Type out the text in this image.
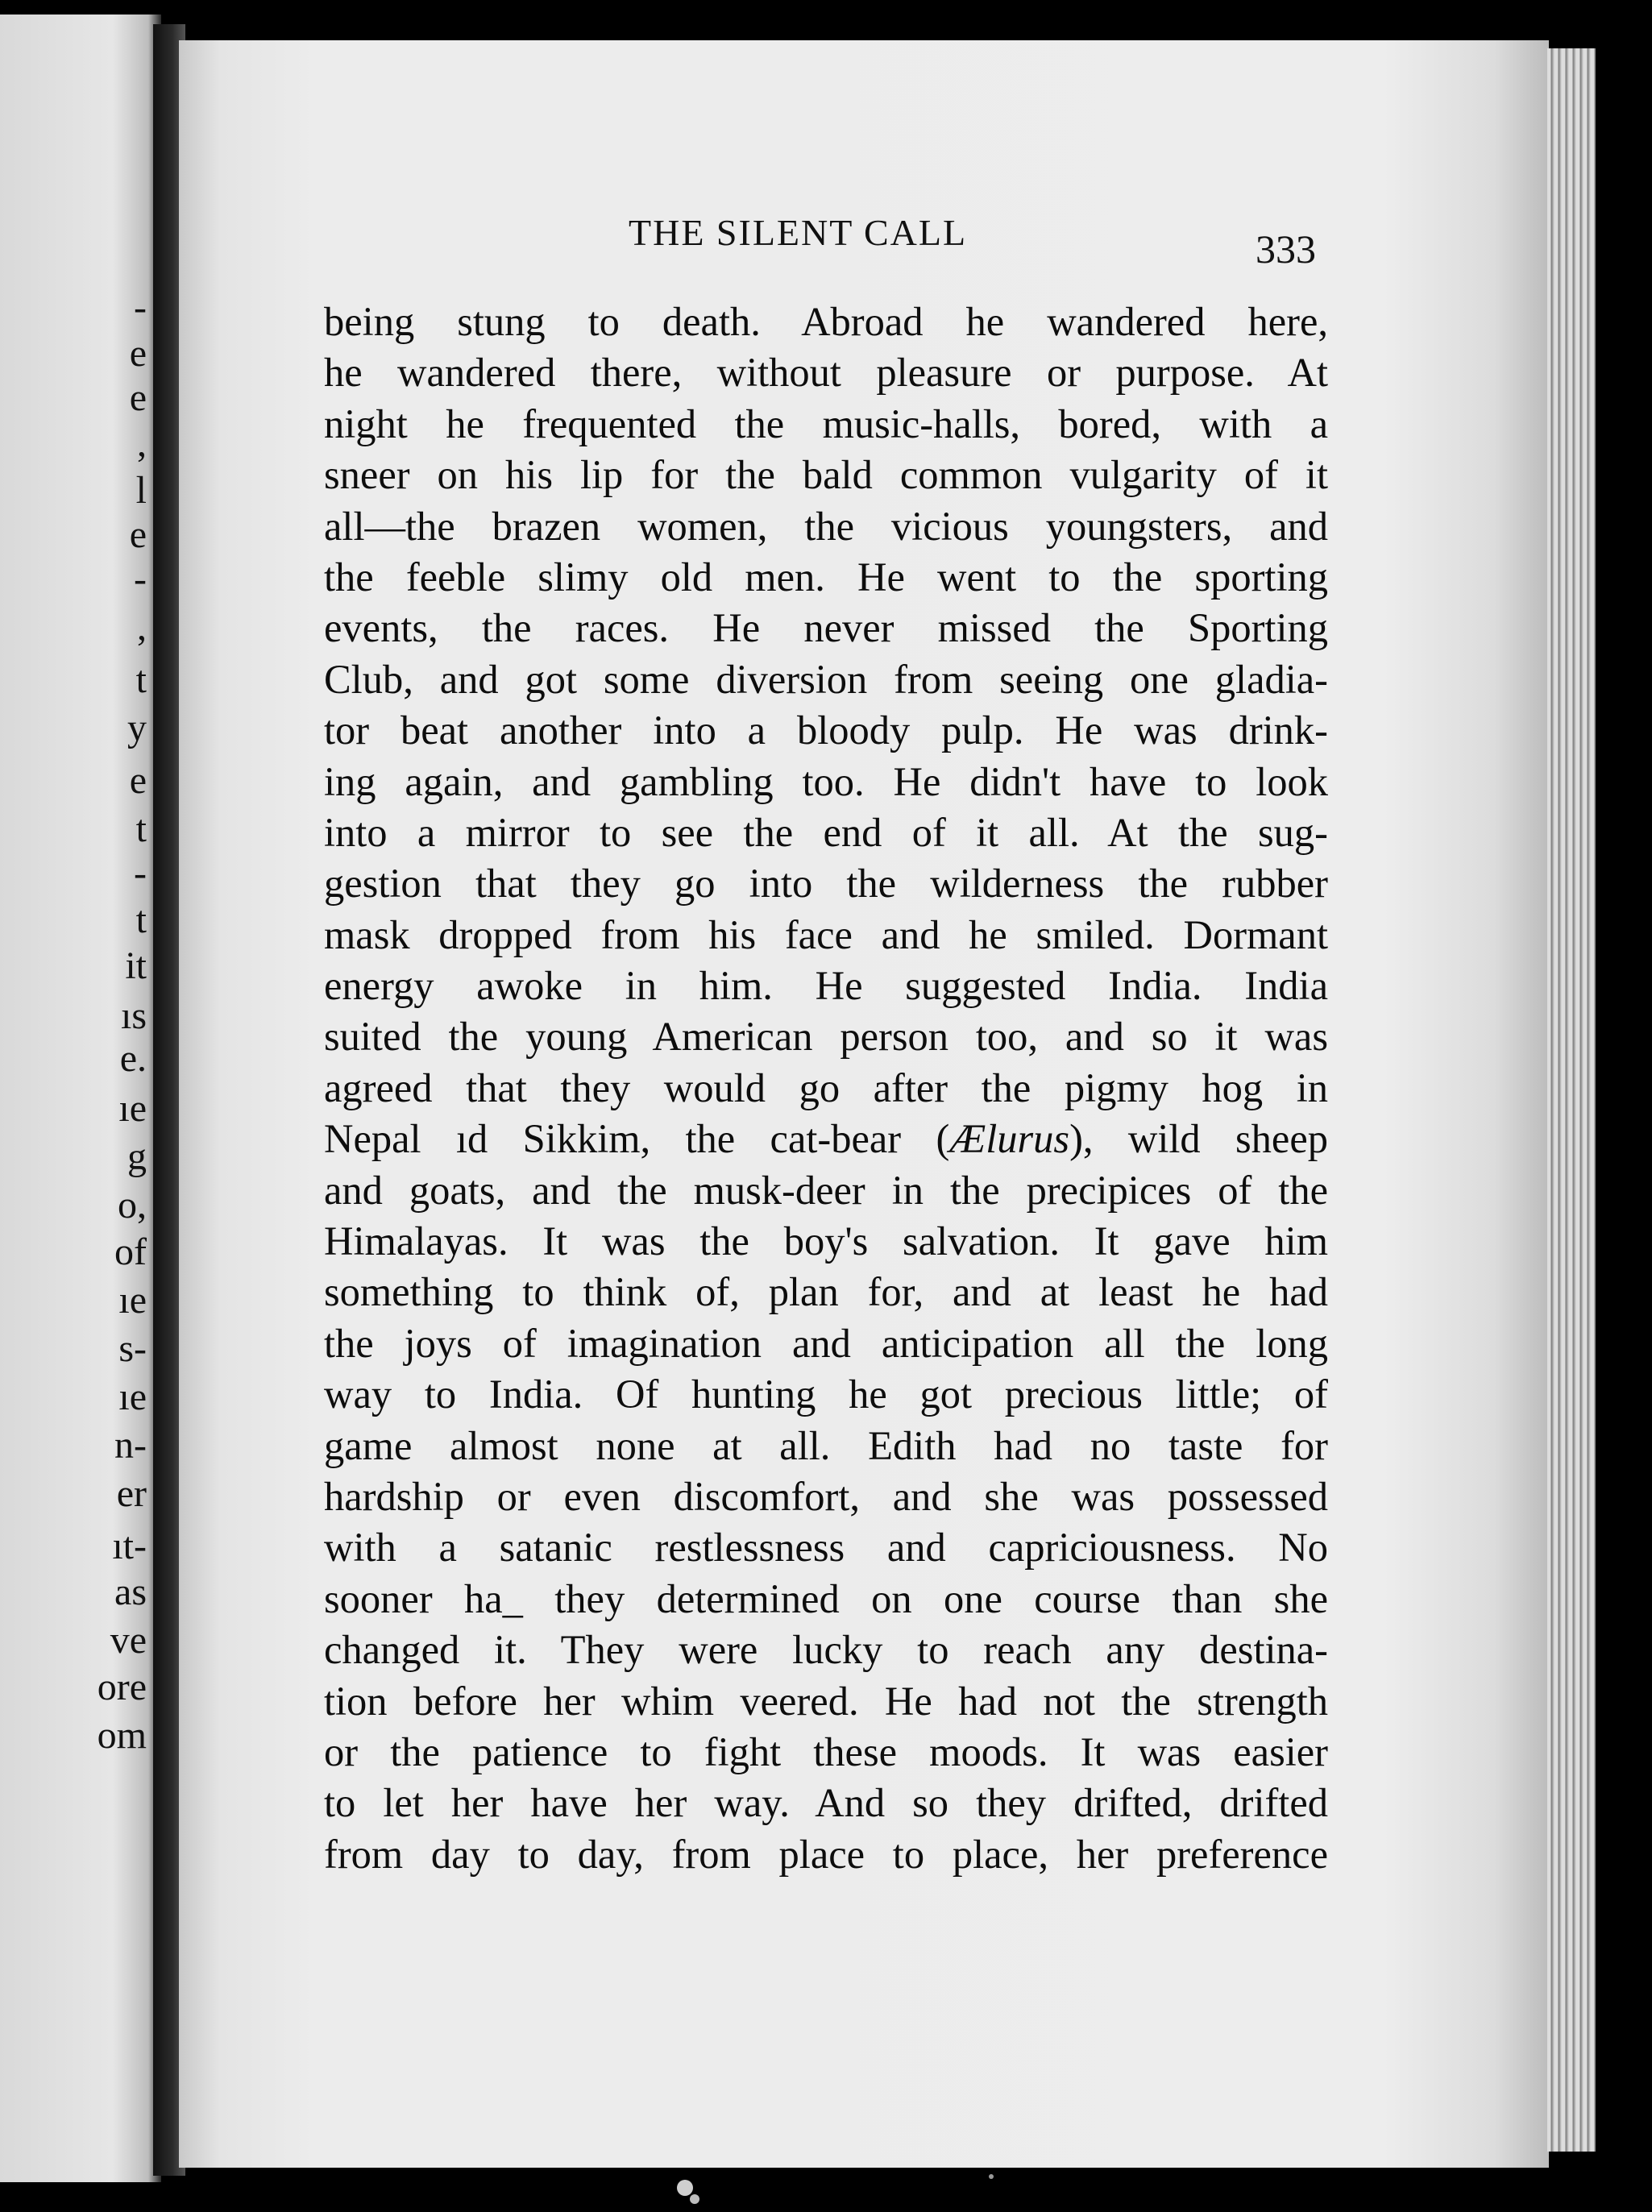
-
e
e
,
l
e
-
,
t
y
e
t
-
t
it
ıs
e.
ıe
g
o,
of
ıe
s-
ıe
n-
er
ıt-
as
ve
ore
om
THE SILENT CALL	333
being stung to death. Abroad he wandered here,
he wandered there, without pleasure or purpose. At
night he frequented the music-halls, bored, with a
sneer on his lip for the bald common vulgarity of it
all—the brazen women, the vicious youngsters, and
the feeble slimy old men. He went to the sporting
events, the races. He never missed the Sporting
Club, and got some diversion from seeing one gladia-
tor beat another into a bloody pulp. He was drink-
ing again, and gambling too. He didn't have to look
into a mirror to see the end of it all. At the sug-
gestion that they go into the wilderness the rubber
mask dropped from his face and he smiled. Dormant
energy awoke in him. He suggested India. India
suited the young American person too, and so it was
agreed that they would go after the pigmy hog in
Nepal ıd Sikkim, the cat-bear (Ælurus), wild sheep
and goats, and the musk-deer in the precipices of the
Himalayas. It was the boy's salvation. It gave him
something to think of, plan for, and at least he had
the joys of imagination and anticipation all the long
way to India. Of hunting he got precious little; of
game almost none at all. Edith had no taste for
hardship or even discomfort, and she was possessed
with a satanic restlessness and capriciousness. No
sooner ha_ they determined on one course than she
changed it. They were lucky to reach any destina-
tion before her whim veered. He had not the strength
or the patience to fight these moods. It was easier
to let her have her way. And so they drifted, drifted
from day to day, from place to place, her preference
